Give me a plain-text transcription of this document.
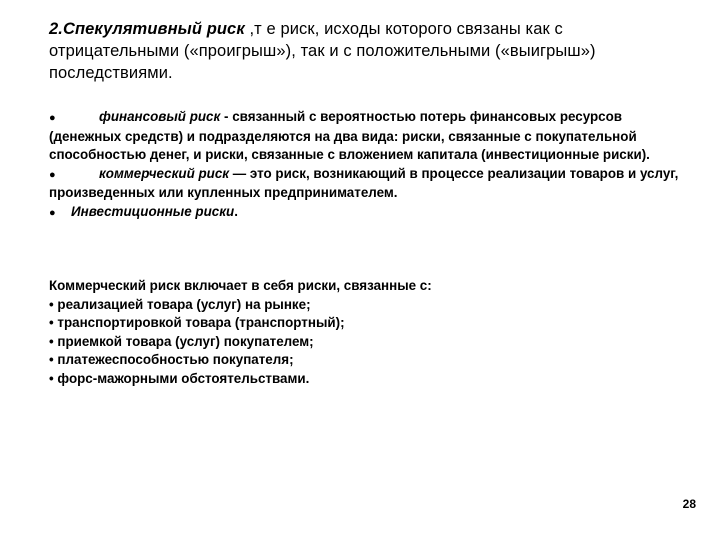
2.Спекулятивный риск ,т е риск, исходы которого связаны как с отрицательными («проигрыш»), так и с положительными («выигрыш») последствиями.
●	финансовый риск - связанный с вероятностью потерь финансовых ресурсов (денежных средств) и подразделяются на два вида: риски, связанные с покупательной способностью денег, и риски, связанные с вложением капитала (инвестиционные риски).
●	коммерческий риск — это риск, возникающий в процессе реализации товаров и услуг, произведенных или купленных предпринимателем.
● Инвестиционные риски.
Коммерческий риск включает в себя риски, связанные с:
• реализацией товара (услуг) на рынке;
• транспортировкой товара (транспортный);
• приемкой товара (услуг) покупателем;
• платежеспособностью покупателя;
• форс-мажорными обстоятельствами.
28
